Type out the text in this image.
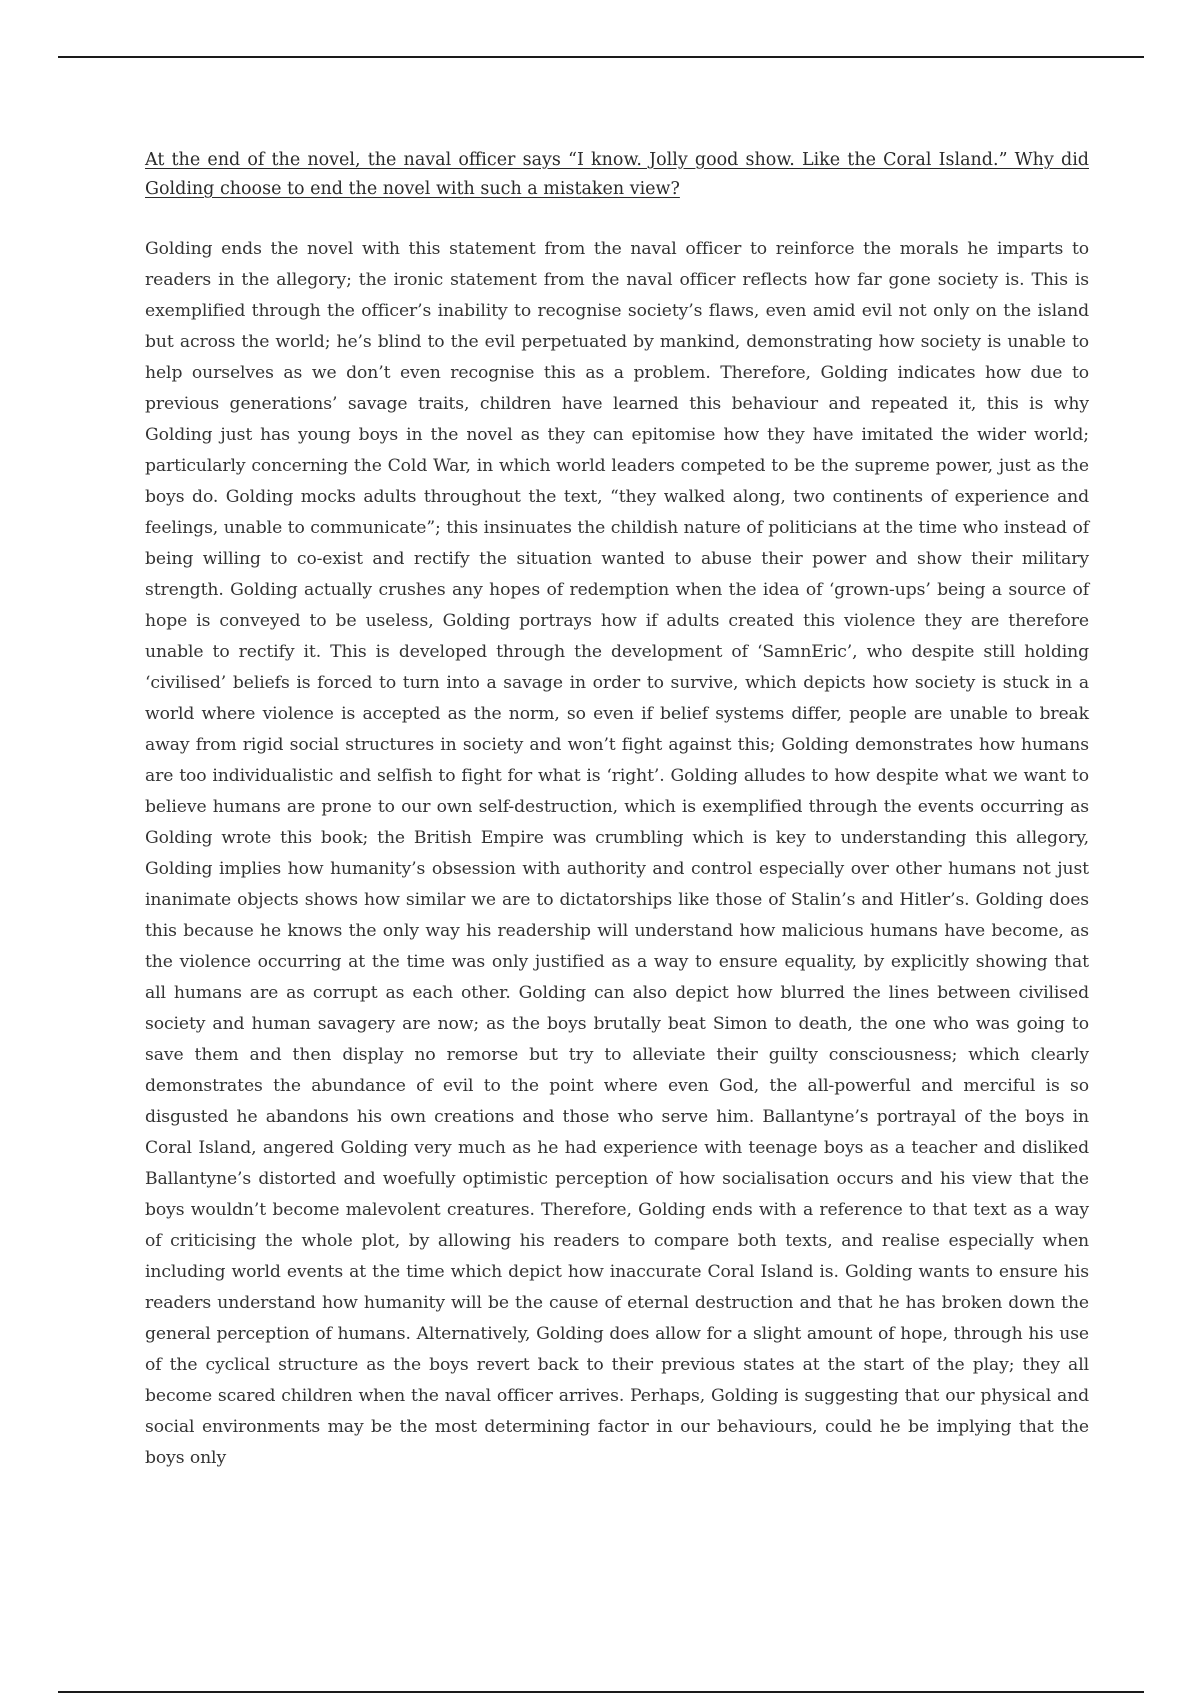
At the end of the novel, the naval officer says “I know. Jolly good show. Like the Coral Island.” Why did Golding choose to end the novel with such a mistaken view?

Golding ends the novel with this statement from the naval officer to reinforce the morals he imparts to readers in the allegory; the ironic statement from the naval officer reflects how far gone society is. This is exemplified through the officer’s inability to recognise society’s flaws, even amid evil not only on the island but across the world; he’s blind to the evil perpetuated by mankind, demonstrating how society is unable to help ourselves as we don’t even recognise this as a problem. Therefore, Golding indicates how due to previous generations’ savage traits, children have learned this behaviour and repeated it, this is why Golding just has young boys in the novel as they can epitomise how they have imitated the wider world; particularly concerning the Cold War, in which world leaders competed to be the supreme power, just as the boys do. Golding mocks adults throughout the text, “they walked along, two continents of experience and feelings, unable to communicate”; this insinuates the childish nature of politicians at the time who instead of being willing to co-exist and rectify the situation wanted to abuse their power and show their military strength. Golding actually crushes any hopes of redemption when the idea of ‘grown-ups’ being a source of hope is conveyed to be useless, Golding portrays how if adults created this violence they are therefore unable to rectify it. This is developed through the development of ‘SamnEric’, who despite still holding ‘civilised’ beliefs is forced to turn into a savage in order to survive, which depicts how society is stuck in a world where violence is accepted as the norm, so even if belief systems differ, people are unable to break away from rigid social structures in society and won’t fight against this; Golding demonstrates how humans are too individualistic and selfish to fight for what is ‘right’. Golding alludes to how despite what we want to believe humans are prone to our own self-destruction, which is exemplified through the events occurring as Golding wrote this book; the British Empire was crumbling which is key to understanding this allegory, Golding implies how humanity’s obsession with authority and control especially over other humans not just inanimate objects shows how similar we are to dictatorships like those of Stalin’s and Hitler’s. Golding does this because he knows the only way his readership will understand how malicious humans have become, as the violence occurring at the time was only justified as a way to ensure equality, by explicitly showing that all humans are as corrupt as each other. Golding can also depict how blurred the lines between civilised society and human savagery are now; as the boys brutally beat Simon to death, the one who was going to save them and then display no remorse but try to alleviate their guilty consciousness; which clearly demonstrates the abundance of evil to the point where even God, the all-powerful and merciful is so disgusted he abandons his own creations and those who serve him. Ballantyne’s portrayal of the boys in Coral Island, angered Golding very much as he had experience with teenage boys as a teacher and disliked Ballantyne’s distorted and woefully optimistic perception of how socialisation occurs and his view that the boys wouldn’t become malevolent creatures. Therefore, Golding ends with a reference to that text as a way of criticising the whole plot, by allowing his readers to compare both texts, and realise especially when including world events at the time which depict how inaccurate Coral Island is. Golding wants to ensure his readers understand how humanity will be the cause of eternal destruction and that he has broken down the general perception of humans. Alternatively, Golding does allow for a slight amount of hope, through his use of the cyclical structure as the boys revert back to their previous states at the start of the play; they all become scared children when the naval officer arrives. Perhaps, Golding is suggesting that our physical and social environments may be the most determining factor in our behaviours, could he be implying that the boys only
